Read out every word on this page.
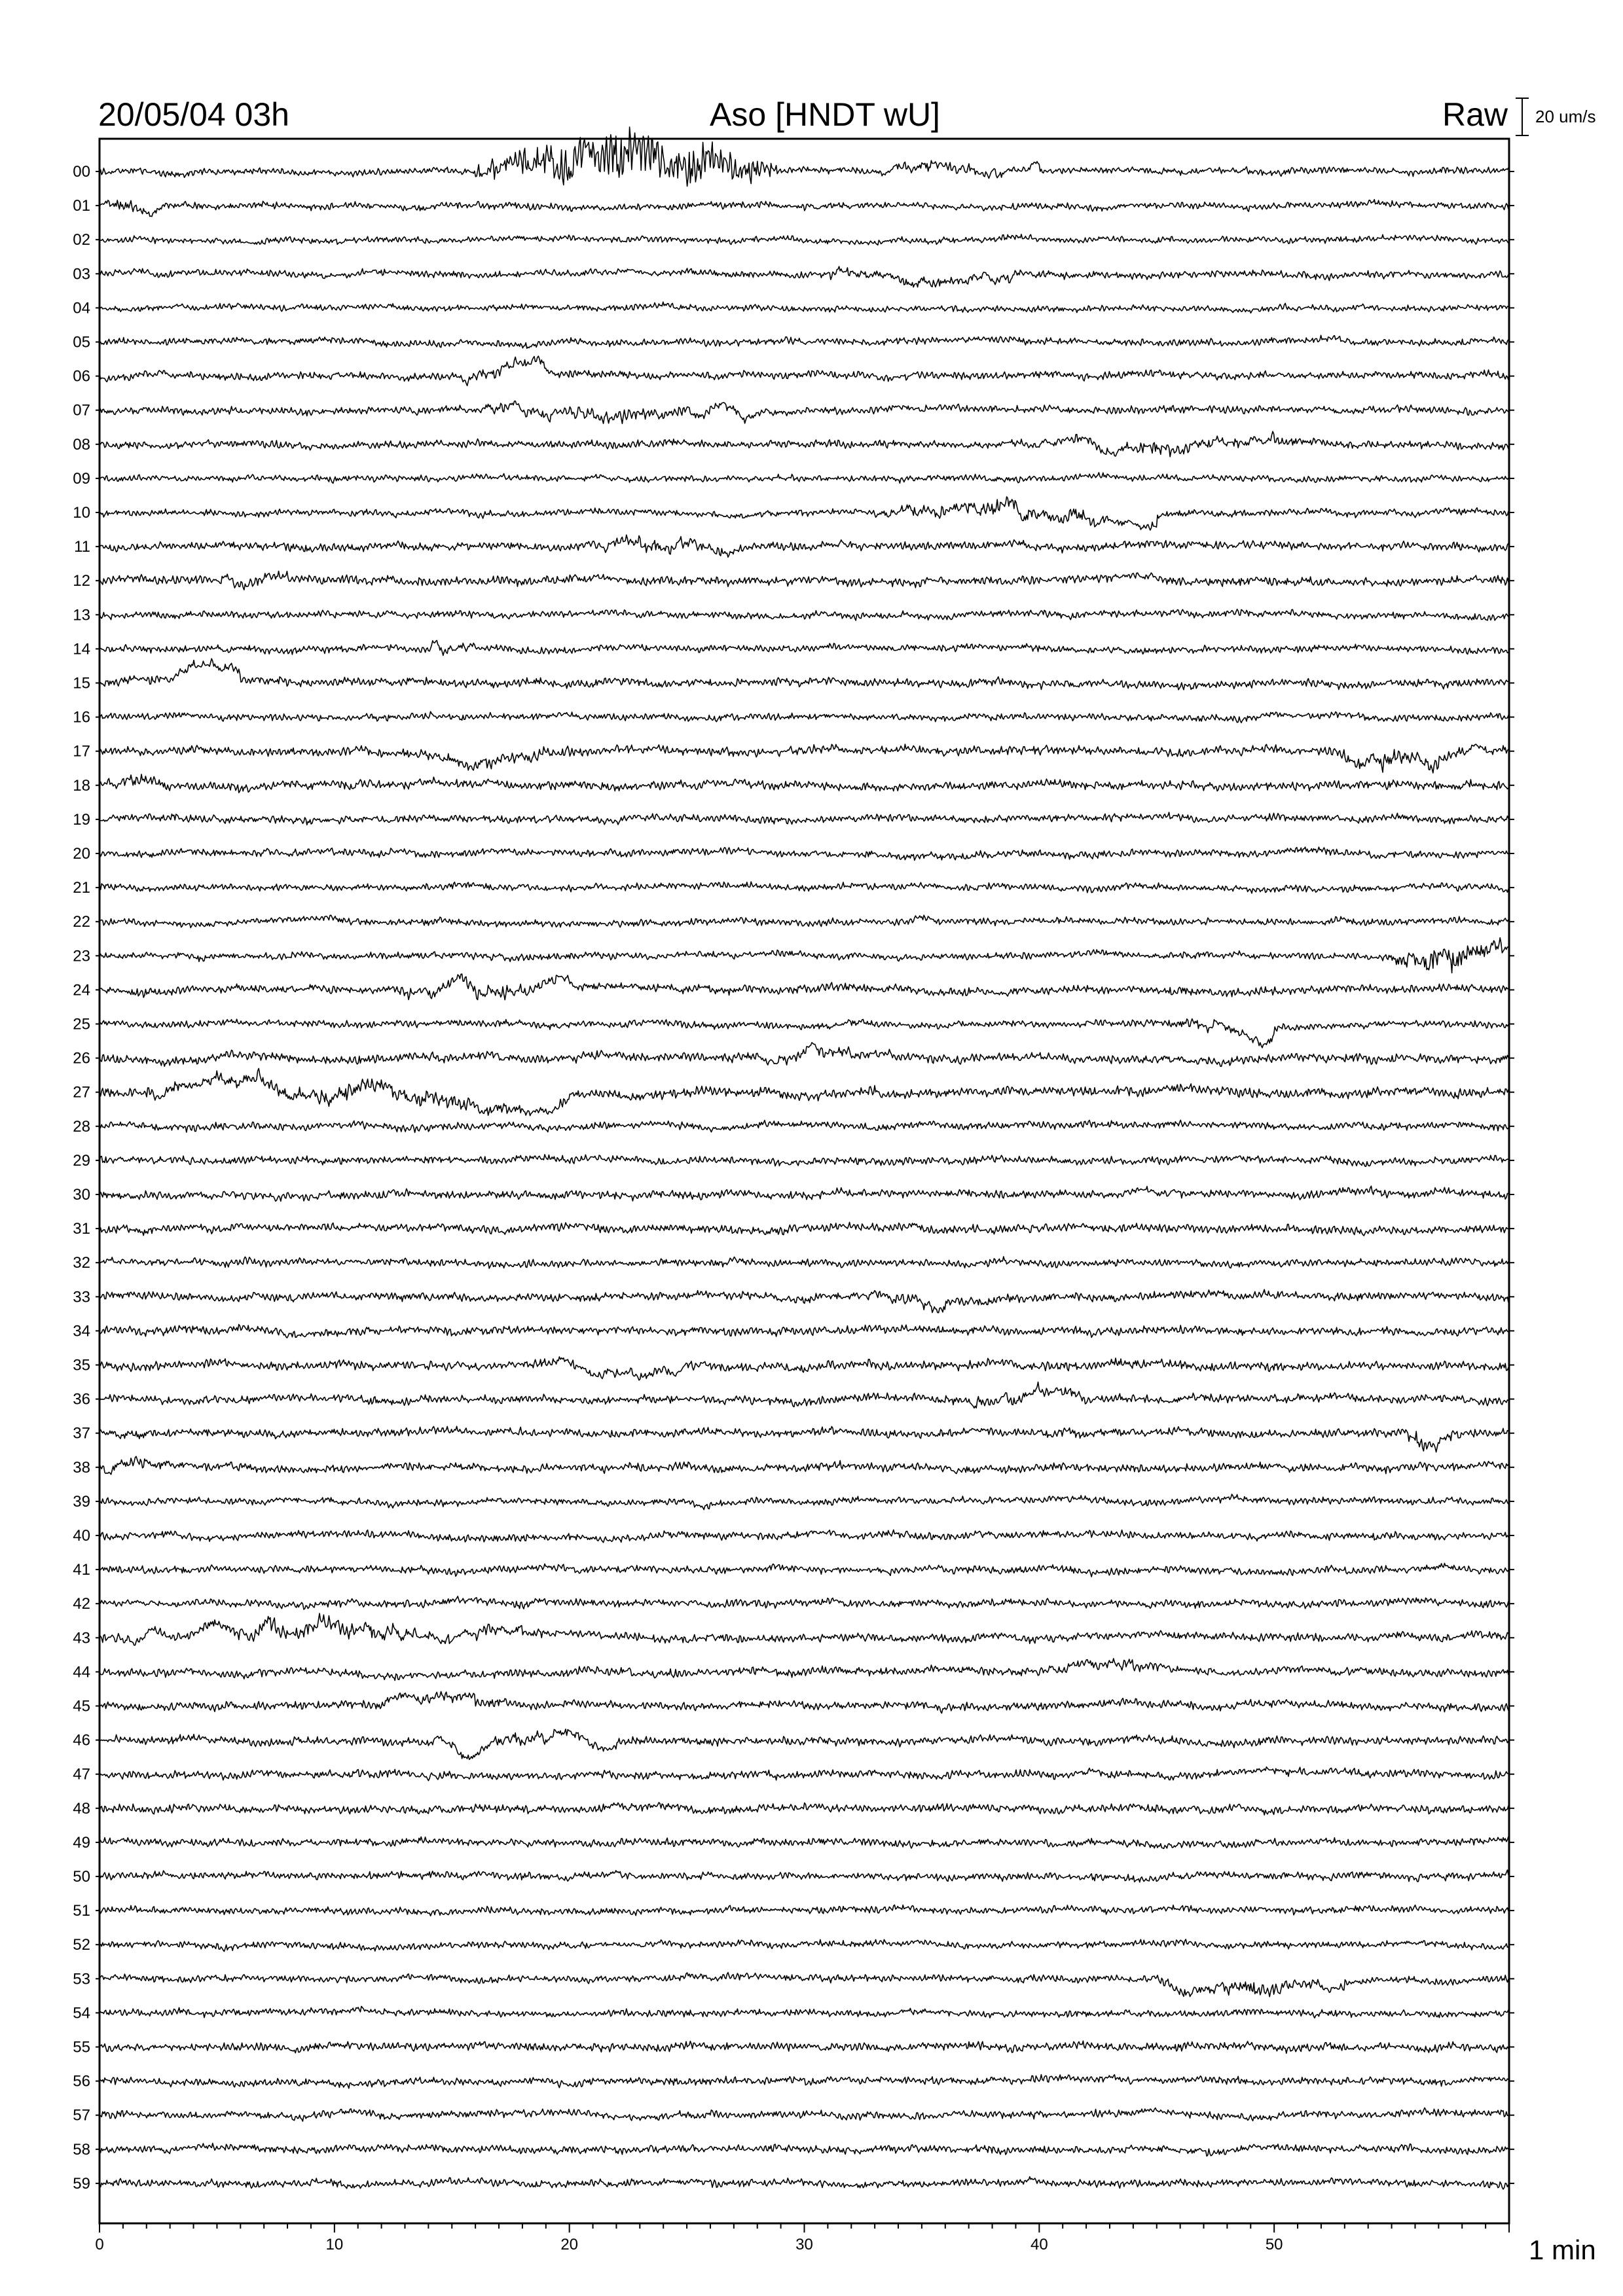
20/05/04 03h	Aso [HNDT wU]	Raw 20 um/s
00
01
02
03
04
05
06
07
08
09
10
11
12
13
14
15
16
17
18
19
20
21
22
23
24
25
26
27
28
29
30
31
32
33
34
35
36
37
38
39
40
41
42
43
44
45
46
47
48
49
50
51
52
53
54
55
56
57
58
59
0	10	20	30	40	50	1 min
